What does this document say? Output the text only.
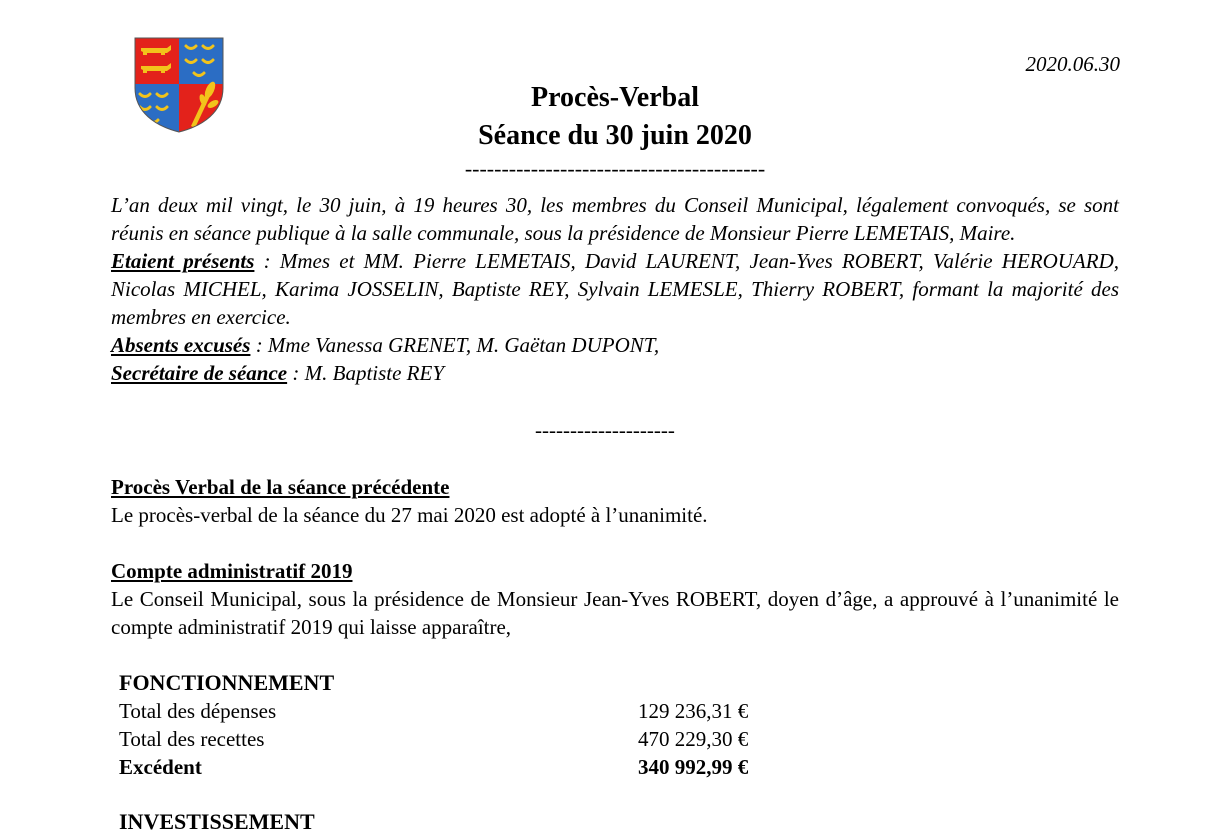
2020.06.30
Procès-Verbal
Séance du 30 juin 2020
-----------------------------------------

L’an deux mil vingt, le 30 juin, à 19 heures 30, les membres du Conseil Municipal, légalement convoqués, se sont réunis en séance publique à la salle communale, sous la présidence de Monsieur Pierre LEMETAIS, Maire.

Etaient présents : Mmes et MM. Pierre LEMETAIS, David LAURENT, Jean-Yves ROBERT, Valérie HEROUARD, Nicolas MICHEL, Karima JOSSELIN, Baptiste REY, Sylvain LEMESLE, Thierry ROBERT, formant la majorité des membres en exercice.

Absents excusés : Mme Vanessa GRENET, M. Gaëtan DUPONT,

Secrétaire de séance : M. Baptiste REY

--------------------
Procès Verbal de la séance précédente

Le procès-verbal de la séance du 27 mai 2020 est adopté à l’unanimité.

Compte administratif 2019

Le Conseil Municipal, sous la présidence de Monsieur Jean-Yves ROBERT, doyen d’âge, a approuvé à l’unanimité le compte administratif 2019 qui laisse apparaître,

FONCTIONNEMENT
Total des dépenses	129 236,31 €
Total des recettes	470 229,30 €
Excédent	340 992,99 €
INVESTISSEMENT
